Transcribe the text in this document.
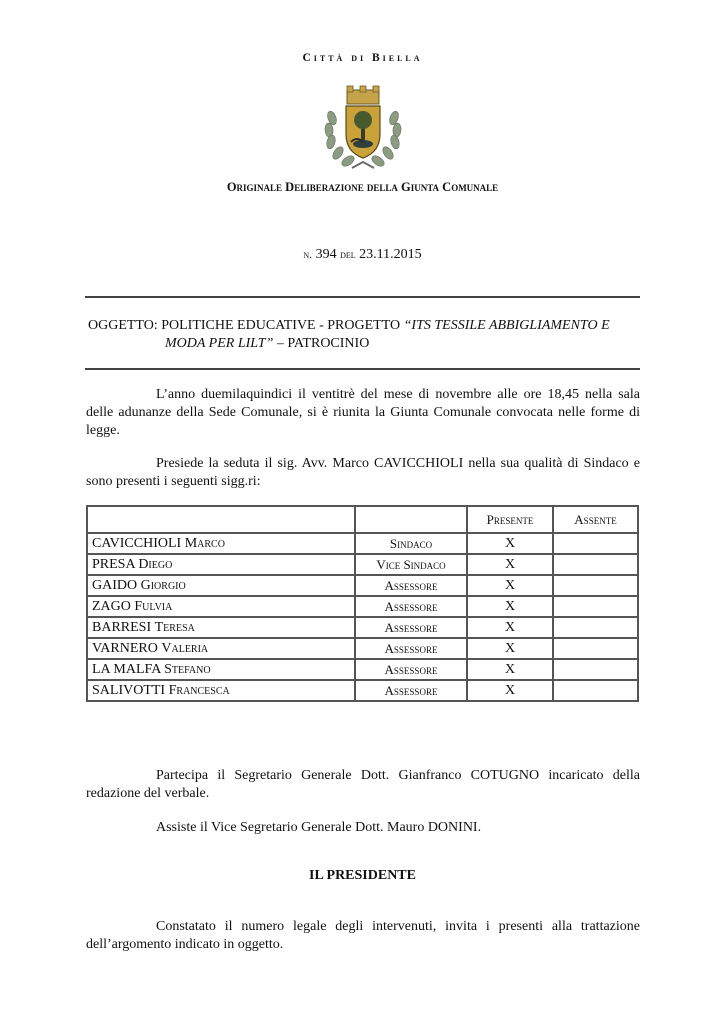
Città di Biella
Originale Deliberazione della Giunta Comunale
n. 394 del 23.11.2015
OGGETTO: POLITICHE EDUCATIVE - PROGETTO “ITS TESSILE ABBIGLIAMENTO E
MODA PER LILT” – PATROCINIO
L’anno duemilaquindici il ventitrè del mese di novembre alle ore 18,45 nella sala delle adunanze della Sede Comunale, si è riunita la Giunta Comunale convocata nelle forme di legge.
Presiede la seduta il sig. Avv. Marco CAVICCHIOLI nella sua qualità di Sindaco e sono presenti i seguenti sigg.ri:
		Presente	Assente
CAVICCHIOLI Marco	Sindaco	X	
PRESA Diego	Vice Sindaco	X	
GAIDO Giorgio	Assessore	X	
ZAGO Fulvia	Assessore	X	
BARRESI Teresa	Assessore	X	
VARNERO Valeria	Assessore	X	
LA MALFA Stefano	Assessore	X	
SALIVOTTI Francesca	Assessore	X	
Partecipa il Segretario Generale Dott. Gianfranco COTUGNO incaricato della redazione del verbale.
Assiste il Vice Segretario Generale Dott. Mauro DONINI.
IL PRESIDENTE
Constatato il numero legale degli intervenuti, invita i presenti alla trattazione dell’argomento indicato in oggetto.
